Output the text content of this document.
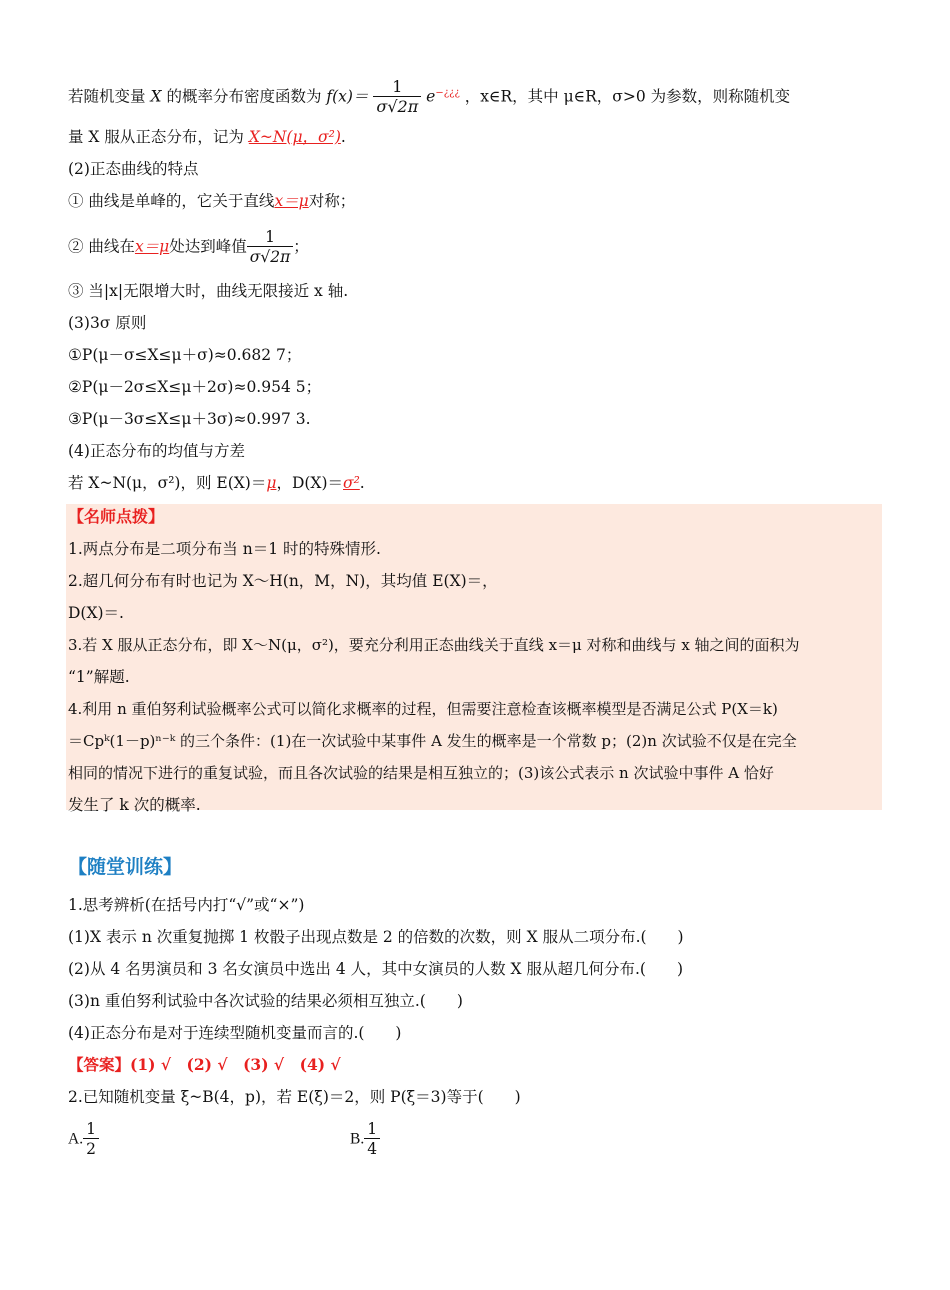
若随机变量 X 的概率分布密度函数为 $f(x)= \frac{1}{\sigma√2\pi} e^{-¿¿¿}$ ，x∈R，其中 μ∈R，σ>0 为参数，则称随机变
量 X 服从正态分布，记为 X~N(μ，σ²).
(2)正态曲线的特点
① 曲线是单峰的，它关于直线x＝μ对称；
② 曲线在x＝μ处达到峰值 $\frac{1}{\sigma√2\pi}$ ；
③ 当|x|无限增大时，曲线无限接近 x 轴.
(3)3σ 原则
①P(μ－σ≤X≤μ＋σ)≈0.682 7；
②P(μ－2σ≤X≤μ＋2σ)≈0.954 5；
③P(μ－3σ≤X≤μ＋3σ)≈0.997 3.
(4)正态分布的均值与方差
若 X~N(μ，σ²)，则 E(X)＝μ，D(X)＝σ².
【名师点拨】
1.两点分布是二项分布当 n＝1 时的特殊情形.
2.超几何分布有时也记为 X～H(n，M，N)，其均值 E(X)＝，
D(X)＝.
3.若 X 服从正态分布，即 X～N(μ，σ²)，要充分利用正态曲线关于直线 x＝μ 对称和曲线与 x 轴之间的面积为
“1”解题.
4.利用 n 重伯努利试验概率公式可以简化求概率的过程，但需要注意检查该概率模型是否满足公式 P(X＝k)
＝Cpᵏ(1－p)ⁿ⁻ᵏ 的三个条件：(1)在一次试验中某事件 A 发生的概率是一个常数 p；(2)n 次试验不仅是在完全
相同的情况下进行的重复试验，而且各次试验的结果是相互独立的；(3)该公式表示 n 次试验中事件 A 恰好
发生了 k 次的概率.
【随堂训练】
1.思考辨析(在括号内打“√”或“×”)
(1)X 表示 n 次重复抛掷 1 枚骰子出现点数是 2 的倍数的次数，则 X 服从二项分布.(　　)
(2)从 4 名男演员和 3 名女演员中选出 4 人，其中女演员的人数 X 服从超几何分布.(　　)
(3)n 重伯努利试验中各次试验的结果必须相互独立.(　　)
(4)正态分布是对于连续型随机变量而言的.(　　)
【答案】(1) √　(2) √　(3) √　(4) √
2.已知随机变量 ξ~B(4，p)，若 E(ξ)＝2，则 P(ξ＝3)等于(　　)
A. $\frac{1}{2}$	B. $\frac{1}{4}$
